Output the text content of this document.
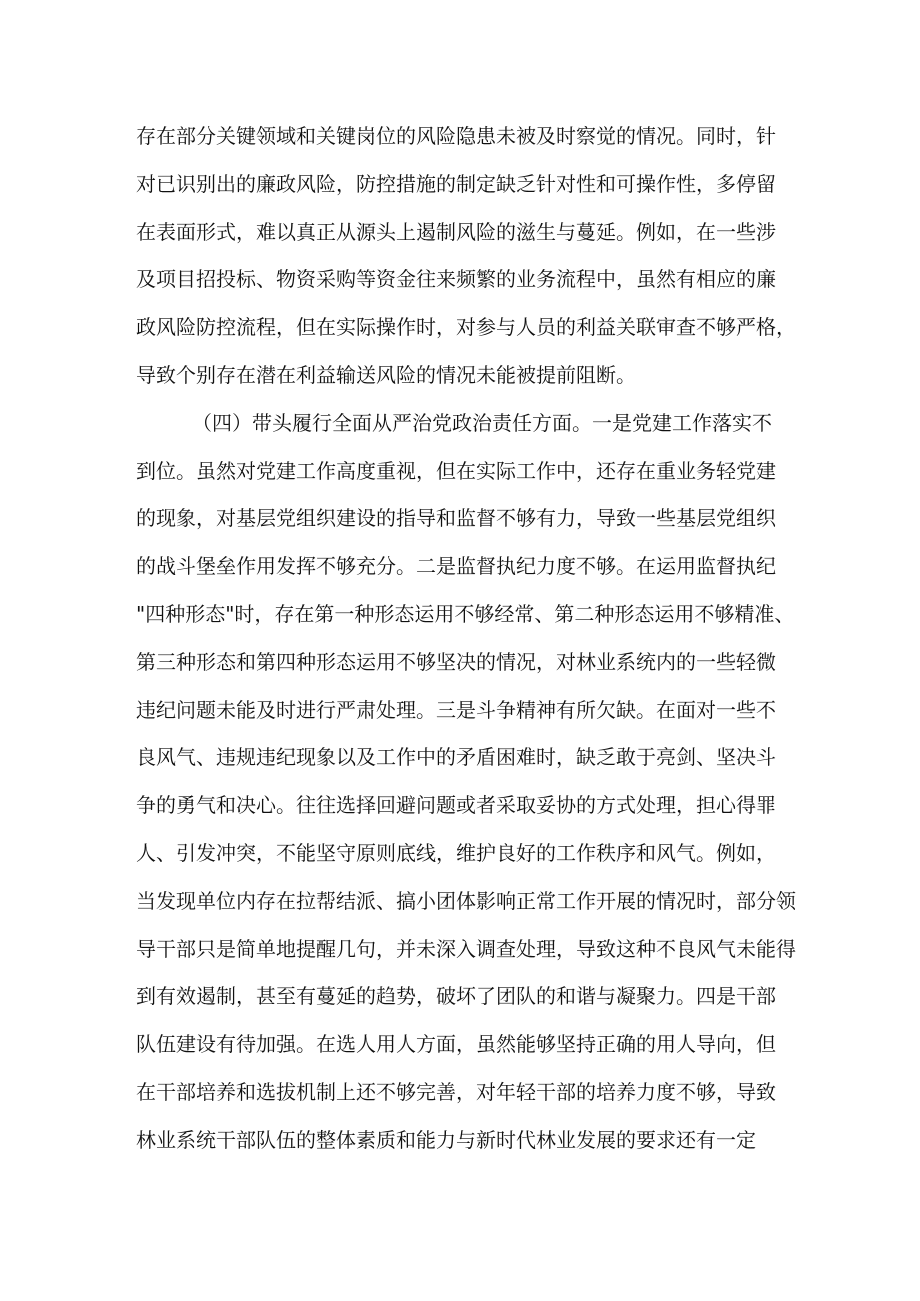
存在部分关键领域和关键岗位的风险隐患未被及时察觉的情况。同时，针
对已识别出的廉政风险，防控措施的制定缺乏针对性和可操作性，多停留
在表面形式，难以真正从源头上遏制风险的滋生与蔓延。例如，在一些涉
及项目招投标、物资采购等资金往来频繁的业务流程中，虽然有相应的廉
政风险防控流程，但在实际操作时，对参与人员的利益关联审查不够严格，
导致个别存在潜在利益输送风险的情况未能被提前阻断。
（四）带头履行全面从严治党政治责任方面。一是党建工作落实不
到位。虽然对党建工作高度重视，但在实际工作中，还存在重业务轻党建
的现象，对基层党组织建设的指导和监督不够有力，导致一些基层党组织
的战斗堡垒作用发挥不够充分。二是监督执纪力度不够。在运用监督执纪
"四种形态"时，存在第一种形态运用不够经常、第二种形态运用不够精准、
第三种形态和第四种形态运用不够坚决的情况，对林业系统内的一些轻微
违纪问题未能及时进行严肃处理。三是斗争精神有所欠缺。在面对一些不
良风气、违规违纪现象以及工作中的矛盾困难时，缺乏敢于亮剑、坚决斗
争的勇气和决心。往往选择回避问题或者采取妥协的方式处理，担心得罪
人、引发冲突，不能坚守原则底线，维护良好的工作秩序和风气。例如，
当发现单位内存在拉帮结派、搞小团体影响正常工作开展的情况时，部分领
导干部只是简单地提醒几句，并未深入调查处理，导致这种不良风气未能得
到有效遏制，甚至有蔓延的趋势，破坏了团队的和谐与凝聚力。四是干部
队伍建设有待加强。在选人用人方面，虽然能够坚持正确的用人导向，但
在干部培养和选拔机制上还不够完善，对年轻干部的培养力度不够，导致
林业系统干部队伍的整体素质和能力与新时代林业发展的要求还有一定
